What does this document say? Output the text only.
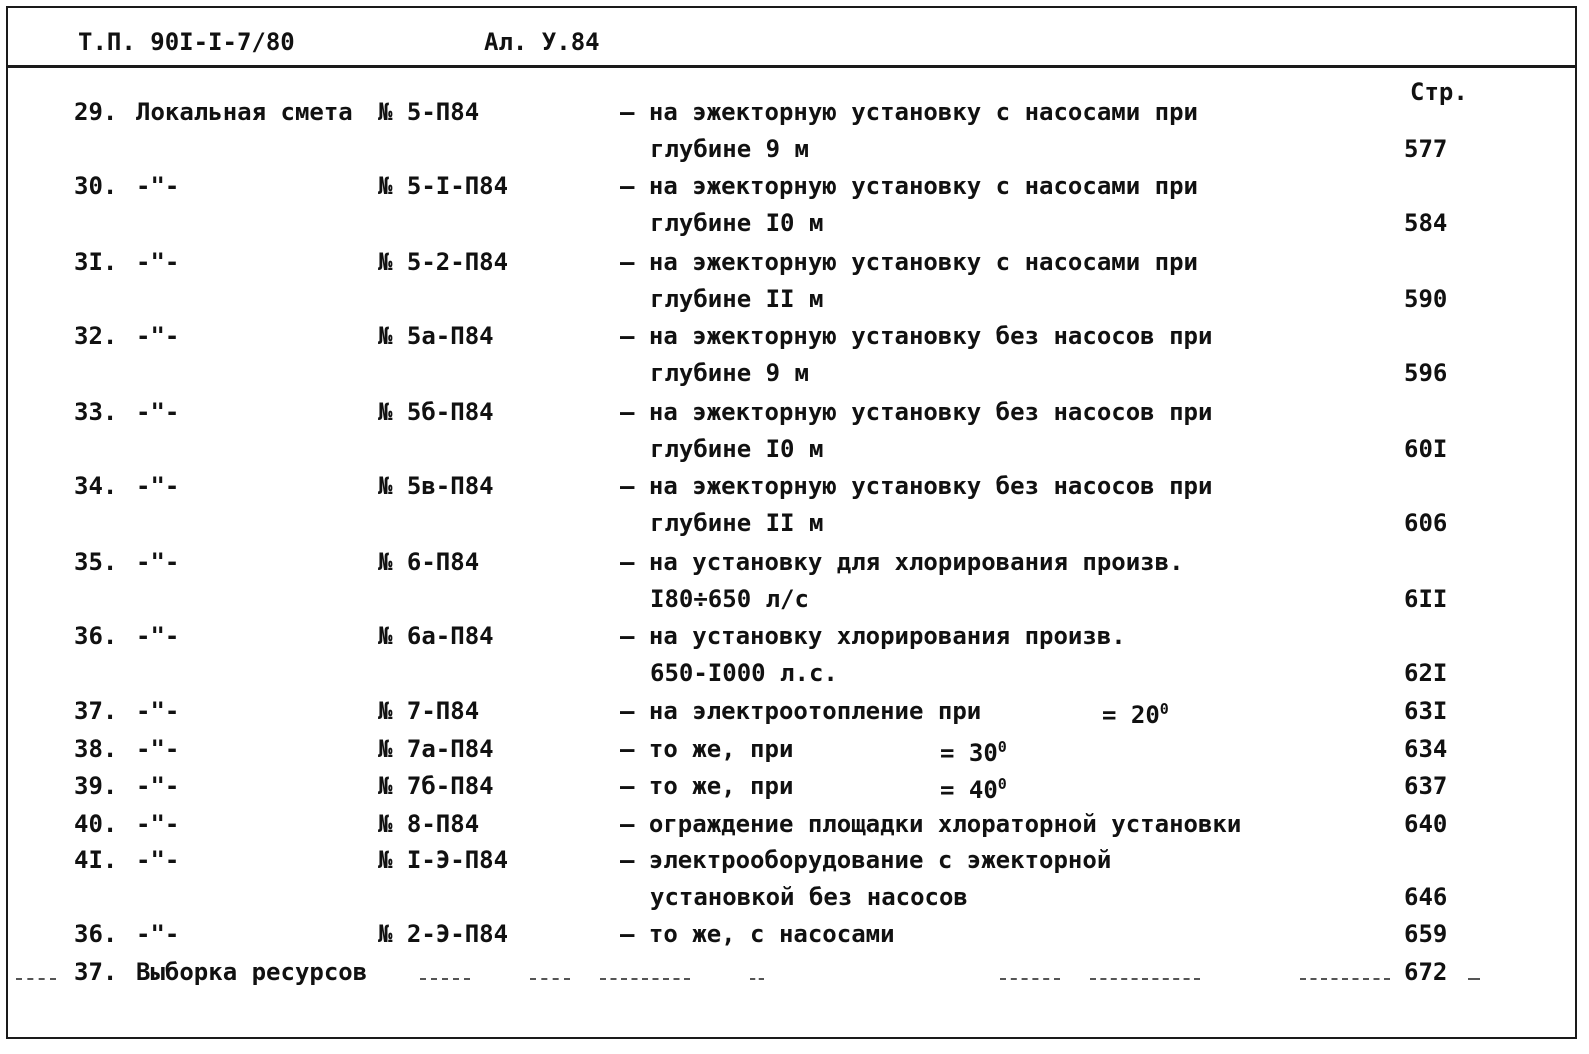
Т.П. 90I-I-7/80	Ал. У.84
Стр.
29. Локальная смета № 5-П84	– на эжекторную установку с насосами при
глубине 9 м	577
30. -"-	№ 5-I-П84	– на эжекторную установку с насосами при
глубине I0 м	584
3I. -"-	№ 5-2-П84	– на эжекторную установку с насосами при
глубине II м	590
32. -"-	№ 5а-П84	– на эжекторную установку без насосов при
глубине 9 м	596
33. -"-	№ 5б-П84	– на эжекторную установку без насосов при
глубине I0 м	60I
34. -"-	№ 5в-П84	– на эжекторную установку без насосов при
глубине II м	606
35. -"-	№ 6-П84	– на установку для хлорирования произв.
I80÷650 л/с	6II
36. -"-	№ 6а-П84	– на установку хлорирования произв.
650-I000 л.с.	62I
37. -"-	№ 7-П84	– на электроотопление при	= $20^0$	63I
38. -"-	№ 7а-П84	– то же, при	= $30^0$	634
39. -"-	№ 7б-П84	– то же, при	= $40^0$	637
40. -"-	№ 8-П84	– ограждение площадки хлораторной установки	640
4I. -"-	№ I-Э-П84	– электрооборудование с эжекторной
установкой без насосов	646
36. -"-	№ 2-Э-П84	– то же, с насосами	659
37. Выборка ресурсов	672
